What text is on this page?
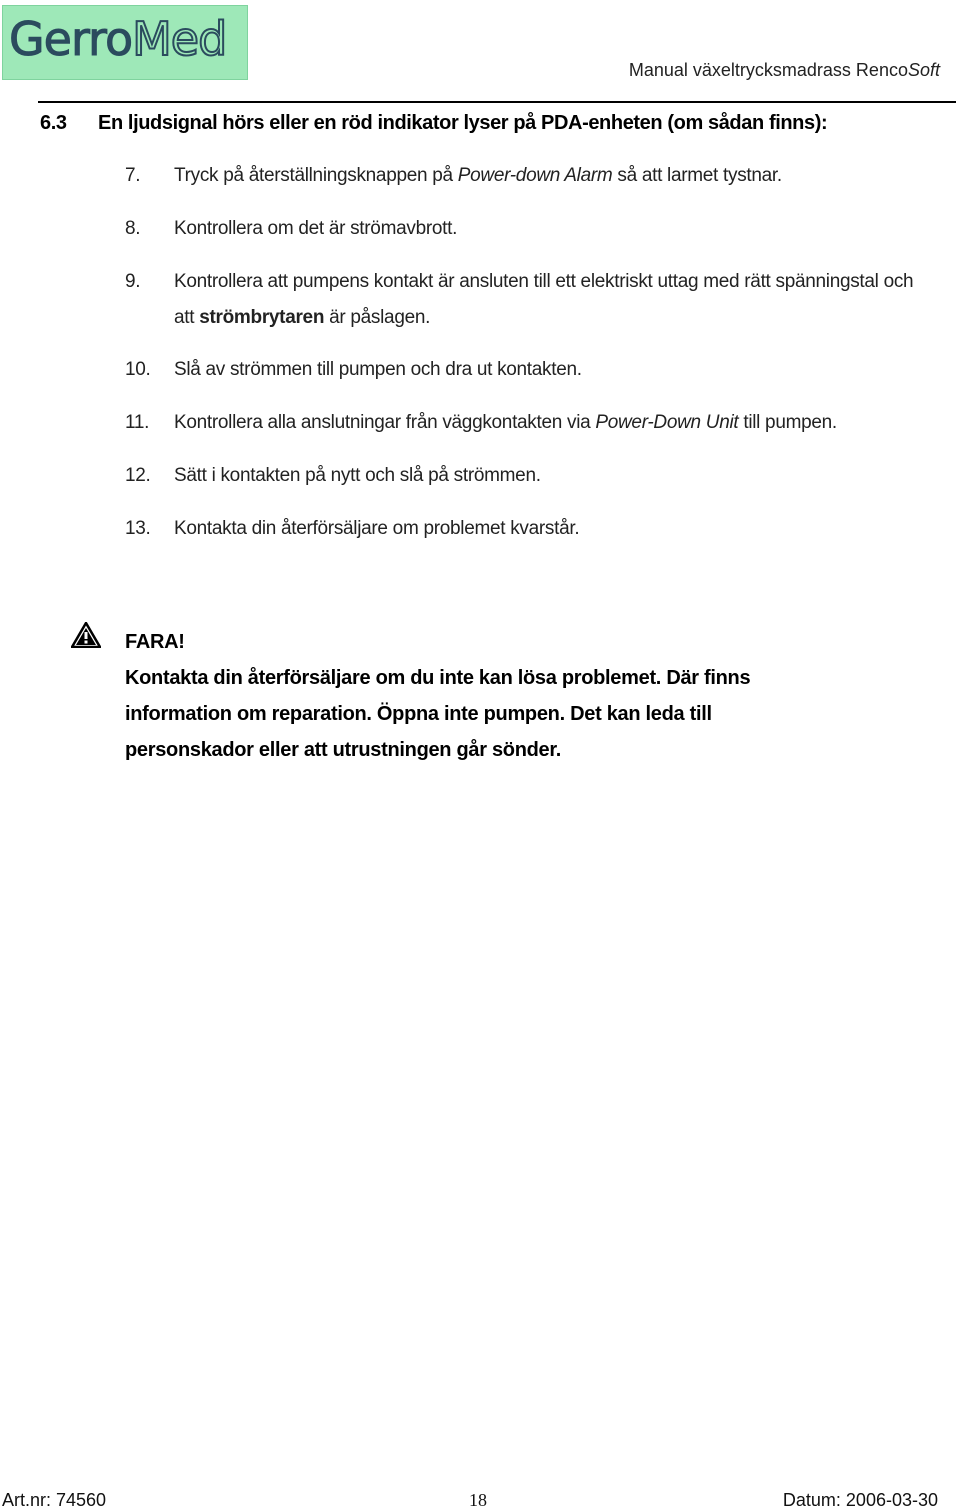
GerroMed
Manual växeltrycksmadrass RencoSoft
6.3 En ljudsignal hörs eller en röd indikator lyser på PDA-enheten (om sådan finns):
7. Tryck på återställningsknappen på Power-down Alarm så att larmet tystnar.
8. Kontrollera om det är strömavbrott.
9. Kontrollera att pumpens kontakt är ansluten till ett elektriskt uttag med rätt spänningstal och
att strömbrytaren är påslagen.
10. Slå av strömmen till pumpen och dra ut kontakten.
11. Kontrollera alla anslutningar från väggkontakten via Power-Down Unit till pumpen.
12. Sätt i kontakten på nytt och slå på strömmen.
13. Kontakta din återförsäljare om problemet kvarstår.
FARA!
Kontakta din återförsäljare om du inte kan lösa problemet. Där finns
information om reparation. Öppna inte pumpen. Det kan leda till
personskador eller att utrustningen går sönder.
Art.nr: 74560	18	Datum: 2006-03-30
